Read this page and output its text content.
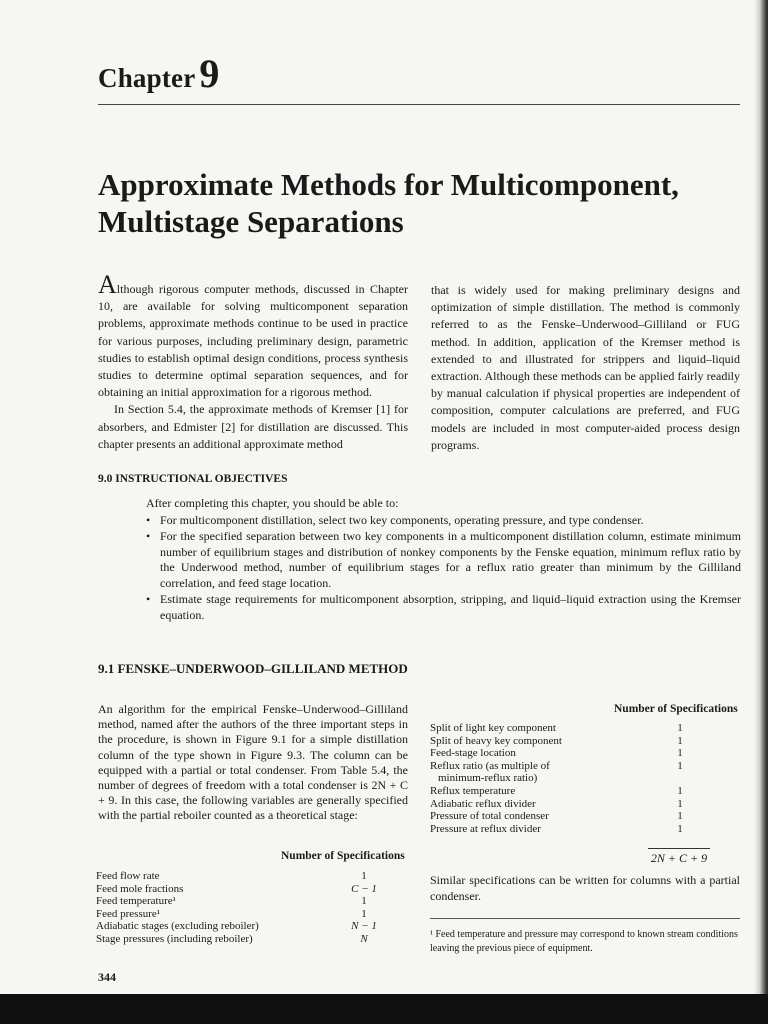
Chapter 9
Approximate Methods for Multicomponent, Multistage Separations
Although rigorous computer methods, discussed in Chapter 10, are available for solving multicomponent separation problems, approximate methods continue to be used in practice for various purposes, including preliminary design, parametric studies to establish optimal design conditions, process synthesis studies to determine optimal separation sequences, and for obtaining an initial approximation for a rigorous method.
In Section 5.4, the approximate methods of Kremser [1] for absorbers, and Edmister [2] for distillation are discussed. This chapter presents an additional approximate method
that is widely used for making preliminary designs and optimization of simple distillation. The method is commonly referred to as the Fenske–Underwood–Gilliland or FUG method. In addition, application of the Kremser method is extended to and illustrated for strippers and liquid–liquid extraction. Although these methods can be applied fairly readily by manual calculation if physical properties are independent of composition, computer calculations are preferred, and FUG models are included in most computer-aided process design programs.
9.0 INSTRUCTIONAL OBJECTIVES
After completing this chapter, you should be able to:
• For multicomponent distillation, select two key components, operating pressure, and type condenser.
• For the specified separation between two key components in a multicomponent distillation column, estimate minimum number of equilibrium stages and distribution of nonkey components by the Fenske equation, minimum reflux ratio by the Underwood method, number of equilibrium stages for a reflux ratio greater than minimum by the Gilliland correlation, and feed stage location.
• Estimate stage requirements for multicomponent absorption, stripping, and liquid–liquid extraction using the Kremser equation.
9.1 FENSKE–UNDERWOOD–GILLILAND METHOD
An algorithm for the empirical Fenske–Underwood–Gilliland method, named after the authors of the three important steps in the procedure, is shown in Figure 9.1 for a simple distillation column of the type shown in Figure 9.3. The column can be equipped with a partial or total condenser. From Table 5.4, the number of degrees of freedom with a total condenser is 2N + C + 9. In this case, the following variables are generally specified with the partial reboiler counted as a theoretical stage:
Number of Specifications
Feed flow rate	1
Feed mole fractions	C − 1
Feed temperature¹	1
Feed pressure¹	1
Adiabatic stages (excluding reboiler)	N − 1
Stage pressures (including reboiler)	N
Number of Specifications
Split of light key component	1
Split of heavy key component	1
Feed-stage location	1
Reflux ratio (as multiple of	1
minimum-reflux ratio)
Reflux temperature	1
Adiabatic reflux divider	1
Pressure of total condenser	1
Pressure at reflux divider	1
2N + C + 9
Similar specifications can be written for columns with a partial condenser.
¹ Feed temperature and pressure may correspond to known stream conditions leaving the previous piece of equipment.
344
